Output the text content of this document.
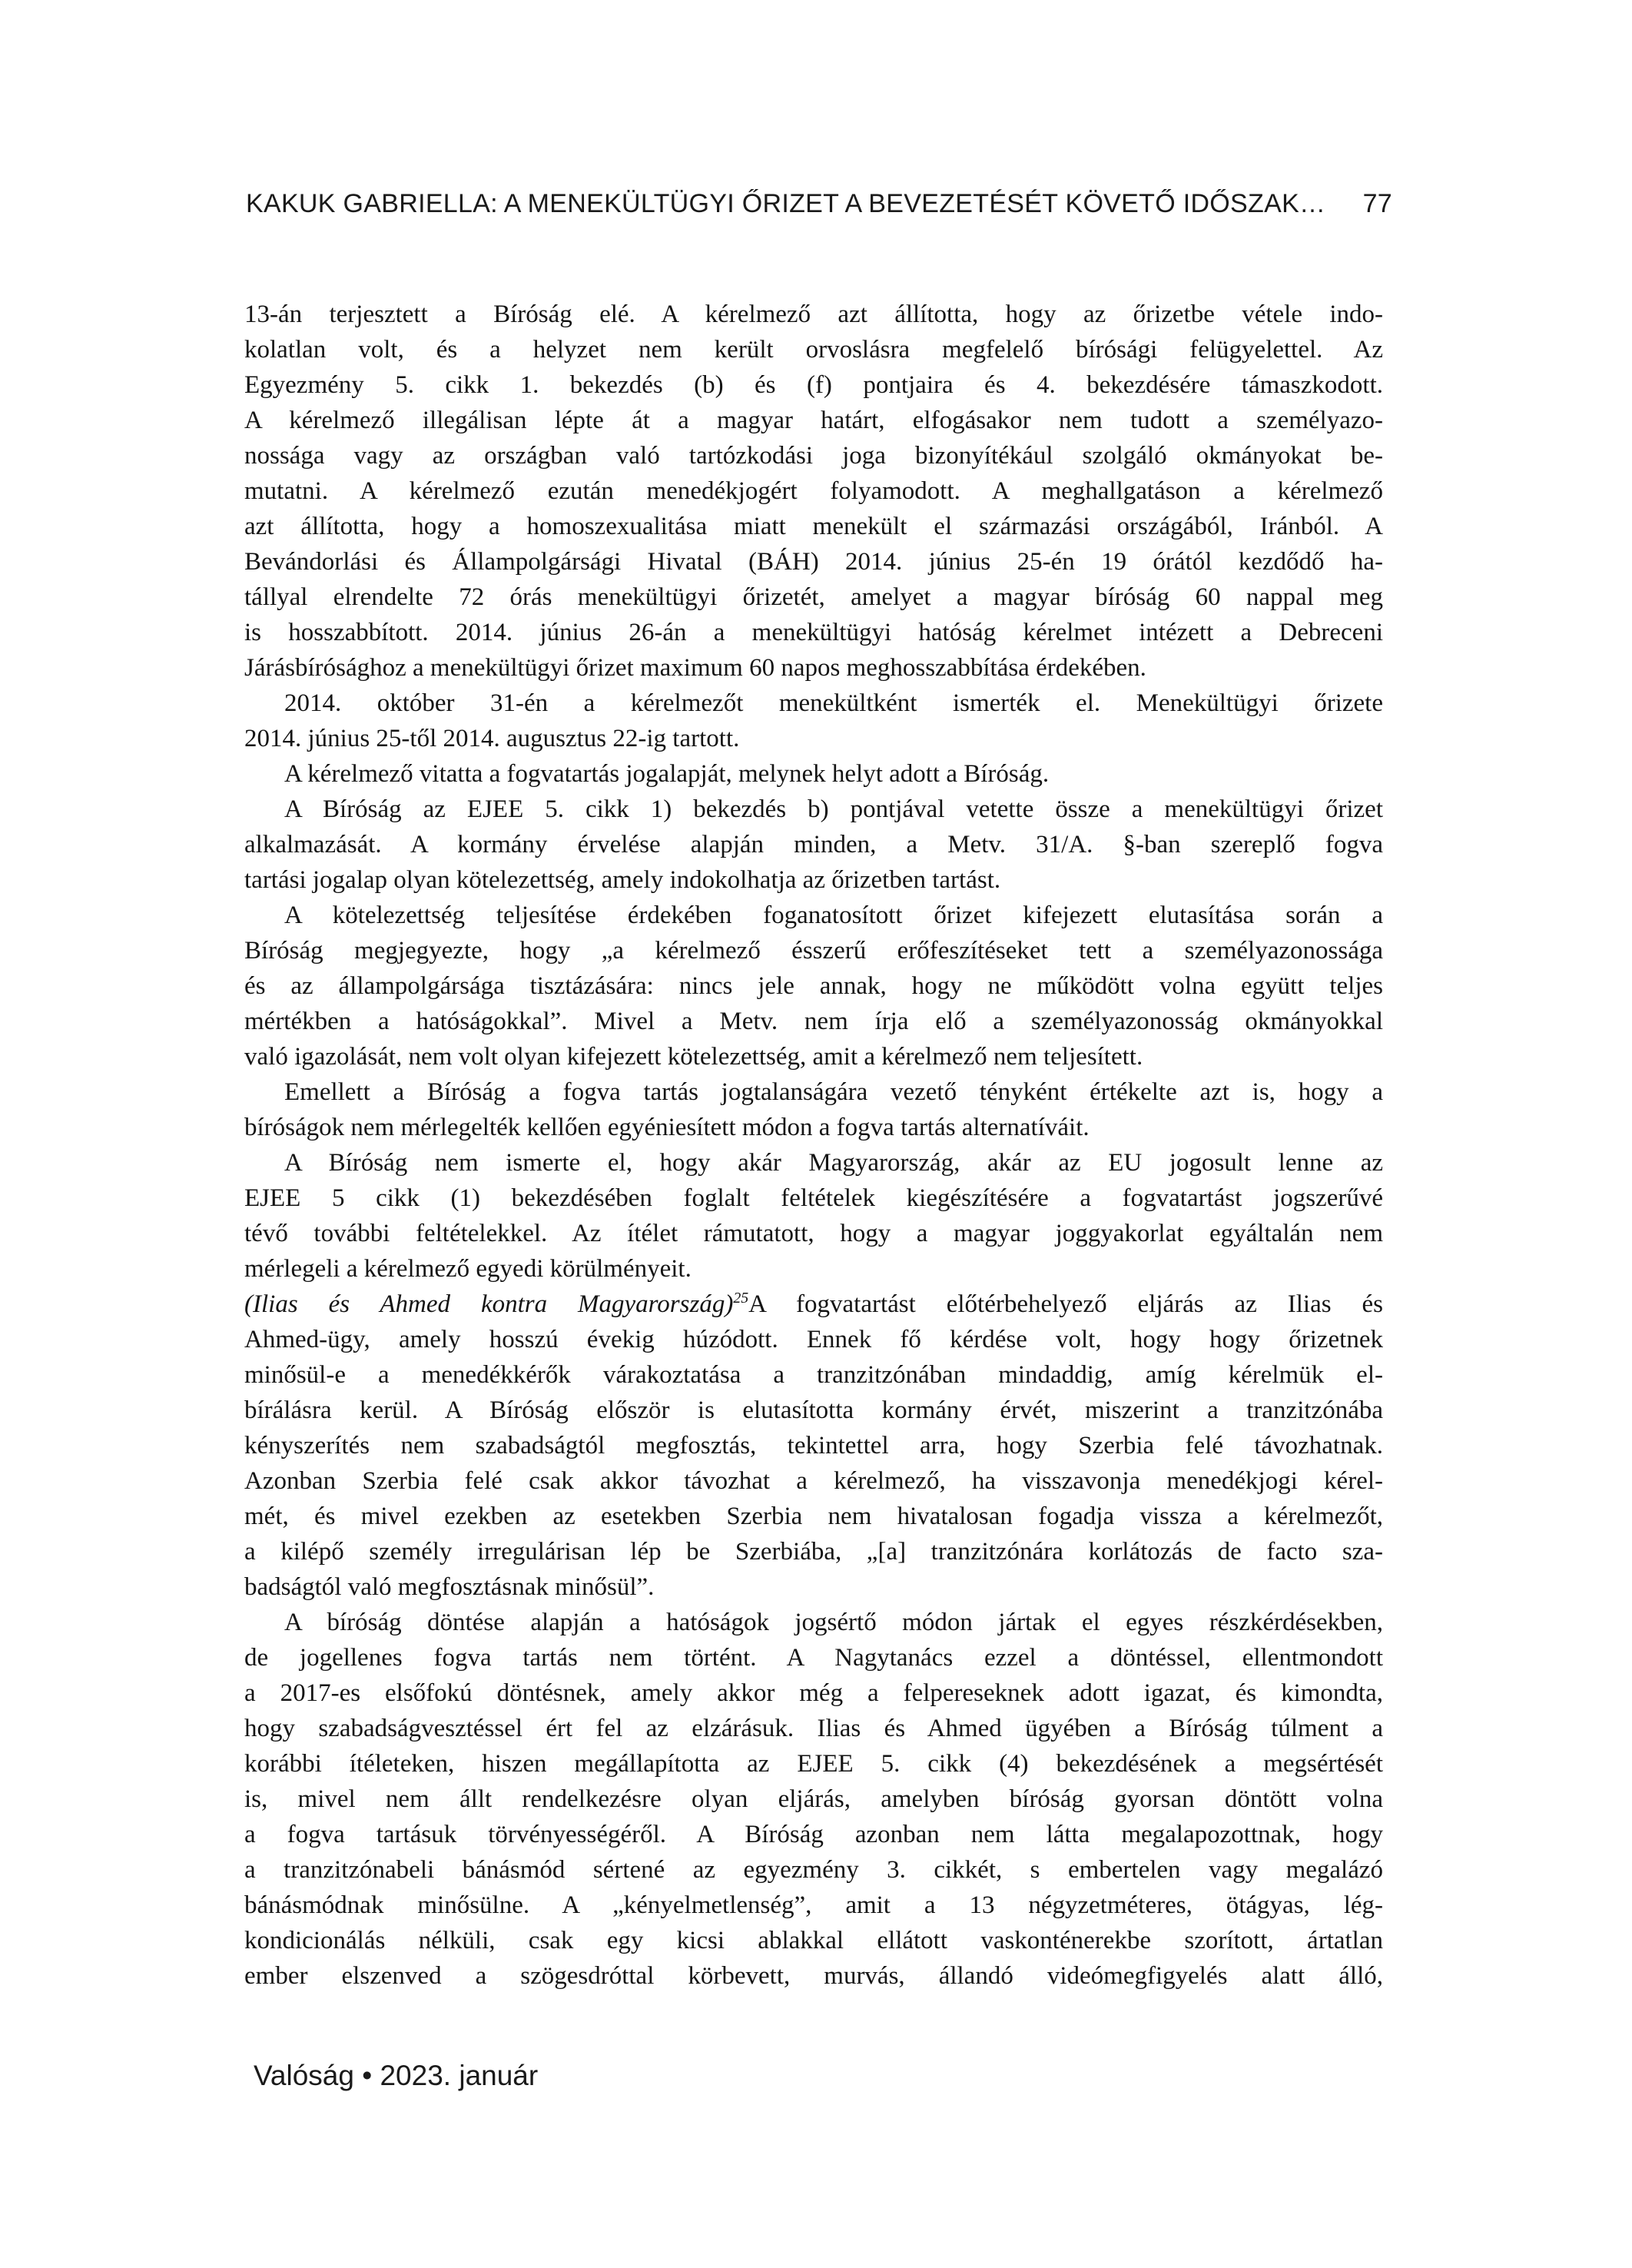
KAKUK GABRIELLA: A MENEKÜLTÜGYI ŐRIZET A BEVEZETÉSÉT KÖVETŐ IDŐSZAK… 77
13-án terjesztett a Bíróság elé. A kérelmező azt állította, hogy az őrizetbe vétele indo-
kolatlan volt, és a helyzet nem került orvoslásra megfelelő bírósági felügyelettel. Az
Egyezmény 5. cikk 1. bekezdés (b) és (f) pontjaira és 4. bekezdésére támaszkodott.
A kérelmező illegálisan lépte át a magyar határt, elfogásakor nem tudott a személyazo-
nossága vagy az országban való tartózkodási joga bizonyítékául szolgáló okmányokat be-
mutatni. A kérelmező ezután menedékjogért folyamodott. A meghallgatáson a kérelmező
azt állította, hogy a homoszexualitása miatt menekült el származási országából, Iránból. A
Bevándorlási és Állampolgársági Hivatal (BÁH) 2014. június 25-én 19 órától kezdődő ha-
tállyal elrendelte 72 órás menekültügyi őrizetét, amelyet a magyar bíróság 60 nappal meg
is hosszabbított. 2014. június 26-án a menekültügyi hatóság kérelmet intézett a Debreceni
Járásbírósághoz a menekültügyi őrizet maximum 60 napos meghosszabbítása érdekében.
2014. október 31-én a kérelmezőt menekültként ismerték el. Menekültügyi őrizete
2014. június 25-től 2014. augusztus 22-ig tartott.
A kérelmező vitatta a fogvatartás jogalapját, melynek helyt adott a Bíróság.
A Bíróság az EJEE 5. cikk 1) bekezdés b) pontjával vetette össze a menekültügyi őrizet
alkalmazását. A kormány érvelése alapján minden, a Metv. 31/A. §-ban szereplő fogva
tartási jogalap olyan kötelezettség, amely indokolhatja az őrizetben tartást.
A kötelezettség teljesítése érdekében foganatosított őrizet kifejezett elutasítása során a
Bíróság megjegyezte, hogy „a kérelmező ésszerű erőfeszítéseket tett a személyazonossága
és az állampolgársága tisztázására: nincs jele annak, hogy ne működött volna együtt teljes
mértékben a hatóságokkal”. Mivel a Metv. nem írja elő a személyazonosság okmányokkal
való igazolását, nem volt olyan kifejezett kötelezettség, amit a kérelmező nem teljesített.
Emellett a Bíróság a fogva tartás jogtalanságára vezető tényként értékelte azt is, hogy a
bíróságok nem mérlegelték kellően egyéniesített módon a fogva tartás alternatíváit.
A Bíróság nem ismerte el, hogy akár Magyarország, akár az EU jogosult lenne az
EJEE 5 cikk (1) bekezdésében foglalt feltételek kiegészítésére a fogvatartást jogszerűvé
tévő további feltételekkel. Az ítélet rámutatott, hogy a magyar joggyakorlat egyáltalán nem
mérlegeli a kérelmező egyedi körülményeit.
(Ilias és Ahmed kontra Magyarország)$^{25}$A fogvatartást előtérbehelyező eljárás az Ilias és
Ahmed-ügy, amely hosszú évekig húzódott. Ennek fő kérdése volt, hogy hogy őrizetnek
minősül-e a menedékkérők várakoztatása a tranzitzónában mindaddig, amíg kérelmük el-
bírálásra kerül. A Bíróság először is elutasította kormány érvét, miszerint a tranzitzónába
kényszerítés nem szabadságtól megfosztás, tekintettel arra, hogy Szerbia felé távozhatnak.
Azonban Szerbia felé csak akkor távozhat a kérelmező, ha visszavonja menedékjogi kérel-
mét, és mivel ezekben az esetekben Szerbia nem hivatalosan fogadja vissza a kérelmezőt,
a kilépő személy irregulárisan lép be Szerbiába, „[a] tranzitzónára korlátozás de facto sza-
badságtól való megfosztásnak minősül”.
A bíróság döntése alapján a hatóságok jogsértő módon jártak el egyes részkérdésekben,
de jogellenes fogva tartás nem történt. A Nagytanács ezzel a döntéssel, ellentmondott
a 2017-es elsőfokú döntésnek, amely akkor még a felpereseknek adott igazat, és kimondta,
hogy szabadságvesztéssel ért fel az elzárásuk. Ilias és Ahmed ügyében a Bíróság túlment a
korábbi ítéleteken, hiszen megállapította az EJEE 5. cikk (4) bekezdésének a megsértését
is, mivel nem állt rendelkezésre olyan eljárás, amelyben bíróság gyorsan döntött volna
a fogva tartásuk törvényességéről. A Bíróság azonban nem látta megalapozottnak, hogy
a tranzitzónabeli bánásmód sértené az egyezmény 3. cikkét, s embertelen vagy megalázó
bánásmódnak minősülne. A „kényelmetlenség”, amit a 13 négyzetméteres, ötágyas, lég-
kondicionálás nélküli, csak egy kicsi ablakkal ellátott vaskonténerekbe szorított, ártatlan
ember elszenved a szögesdróttal körbevett, murvás, állandó videómegfigyelés alatt álló,
Valóság • 2023. január
